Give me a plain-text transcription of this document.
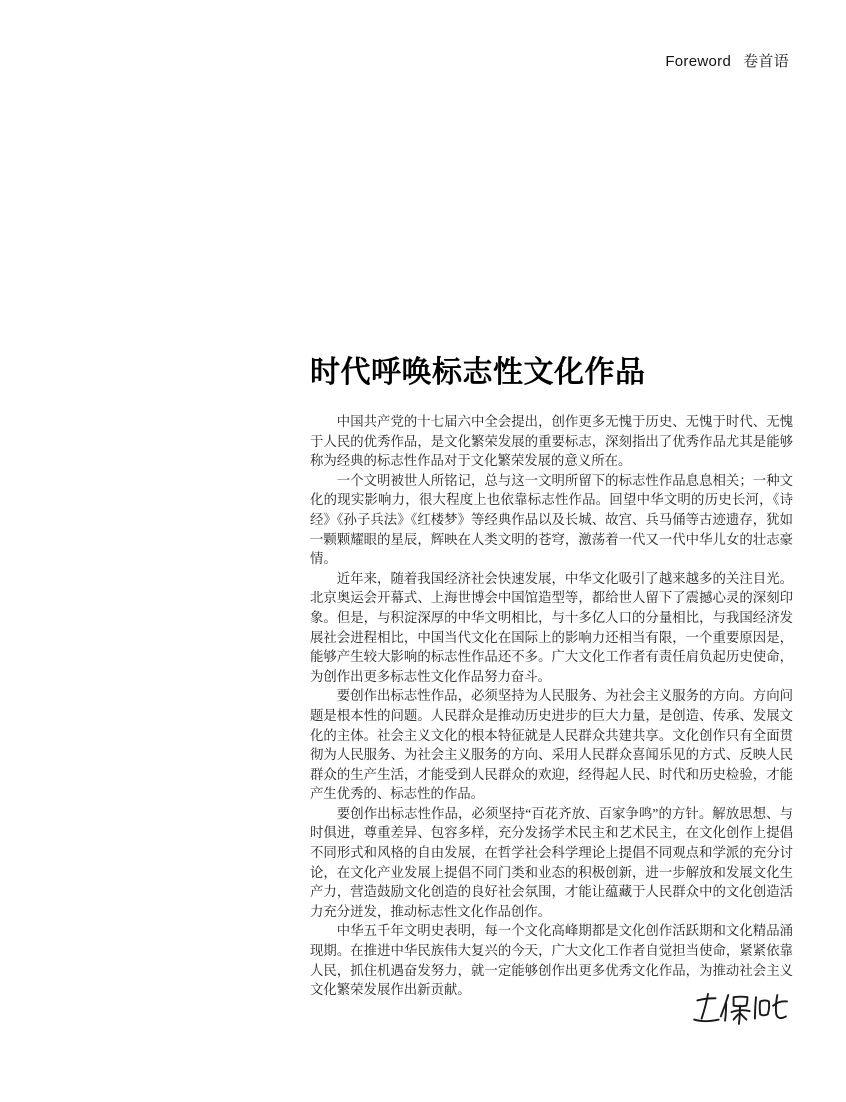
Foreword 卷首语
时代呼唤标志性文化作品

中国共产党的十七届六中全会提出，创作更多无愧于历史、无愧于时代、无愧于人民的优秀作品，是文化繁荣发展的重要标志，深刻指出了优秀作品尤其是能够称为经典的标志性作品对于文化繁荣发展的意义所在。

一个文明被世人所铭记，总与这一文明所留下的标志性作品息息相关；一种文化的现实影响力，很大程度上也依靠标志性作品。回望中华文明的历史长河，《诗经》《孙子兵法》《红楼梦》等经典作品以及长城、故宫、兵马俑等古迹遗存，犹如一颗颗耀眼的星辰，辉映在人类文明的苍穹，激荡着一代又一代中华儿女的壮志豪情。

近年来，随着我国经济社会快速发展，中华文化吸引了越来越多的关注目光。北京奥运会开幕式、上海世博会中国馆造型等，都给世人留下了震撼心灵的深刻印象。但是，与积淀深厚的中华文明相比，与十多亿人口的分量相比，与我国经济发展社会进程相比，中国当代文化在国际上的影响力还相当有限，一个重要原因是，能够产生较大影响的标志性作品还不多。广大文化工作者有责任肩负起历史使命，为创作出更多标志性文化作品努力奋斗。

要创作出标志性作品，必须坚持为人民服务、为社会主义服务的方向。方向问题是根本性的问题。人民群众是推动历史进步的巨大力量，是创造、传承、发展文化的主体。社会主义文化的根本特征就是人民群众共建共享。文化创作只有全面贯彻为人民服务、为社会主义服务的方向、采用人民群众喜闻乐见的方式、反映人民群众的生产生活，才能受到人民群众的欢迎，经得起人民、时代和历史检验，才能产生优秀的、标志性的作品。

要创作出标志性作品，必须坚持“百花齐放、百家争鸣”的方针。解放思想、与时俱进，尊重差异、包容多样，充分发扬学术民主和艺术民主，在文化创作上提倡不同形式和风格的自由发展，在哲学社会科学理论上提倡不同观点和学派的充分讨论，在文化产业发展上提倡不同门类和业态的积极创新，进一步解放和发展文化生产力，营造鼓励文化创造的良好社会氛围，才能让蕴藏于人民群众中的文化创造活力充分迸发，推动标志性文化作品创作。

中华五千年文明史表明，每一个文化高峰期都是文化创作活跃期和文化精品涌现期。在推进中华民族伟大复兴的今天，广大文化工作者自觉担当使命，紧紧依靠人民，抓住机遇奋发努力，就一定能够创作出更多优秀文化作品，为推动社会主义文化繁荣发展作出新贡献。
